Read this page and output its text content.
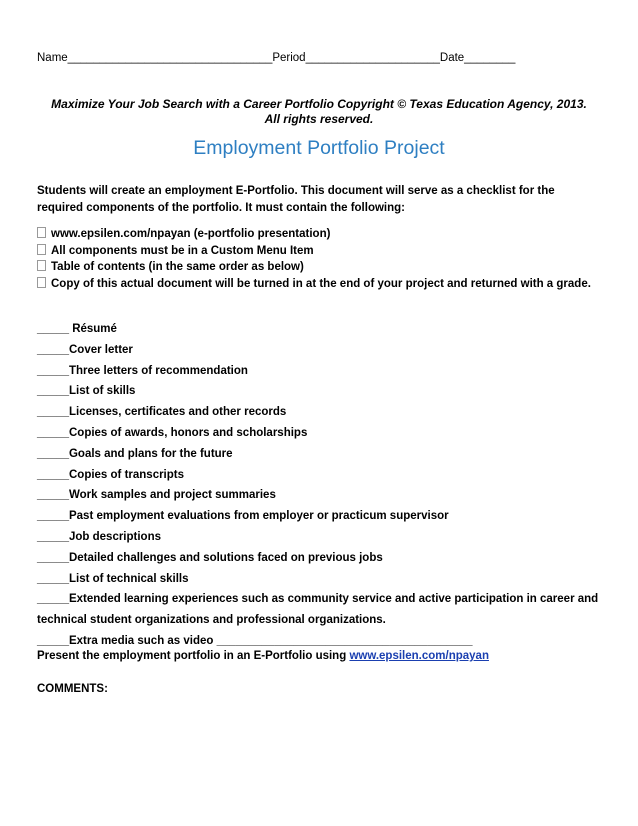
Name________________________________Period_____________________Date________
Maximize Your Job Search with a Career Portfolio Copyright © Texas Education Agency, 2013.
All rights reserved.
Employment Portfolio Project
Students will create an employment E-Portfolio. This document will serve as a checklist for the required components of the portfolio. It must contain the following:

www.epsilen.com/npayan (e-portfolio presentation)

All components must be in a Custom Menu Item

Table of contents (in the same order as below)

Copy of this actual document will be turned in at the end of your project and returned with a grade.

_____ Résumé

_____Cover letter

_____Three letters of recommendation

_____List of skills

_____Licenses, certificates and other records

_____Copies of awards, honors and scholarships

_____Goals and plans for the future

_____Copies of transcripts

_____Work samples and project summaries

_____Past employment evaluations from employer or practicum supervisor

_____Job descriptions

_____Detailed challenges and solutions faced on previous jobs

_____List of technical skills

_____Extended learning experiences such as community service and active participation in career and technical student organizations and professional organizations.

_____Extra media such as video ________________________________________

Present the employment portfolio in an E-Portfolio using www.epsilen.com/npayan
COMMENTS:
